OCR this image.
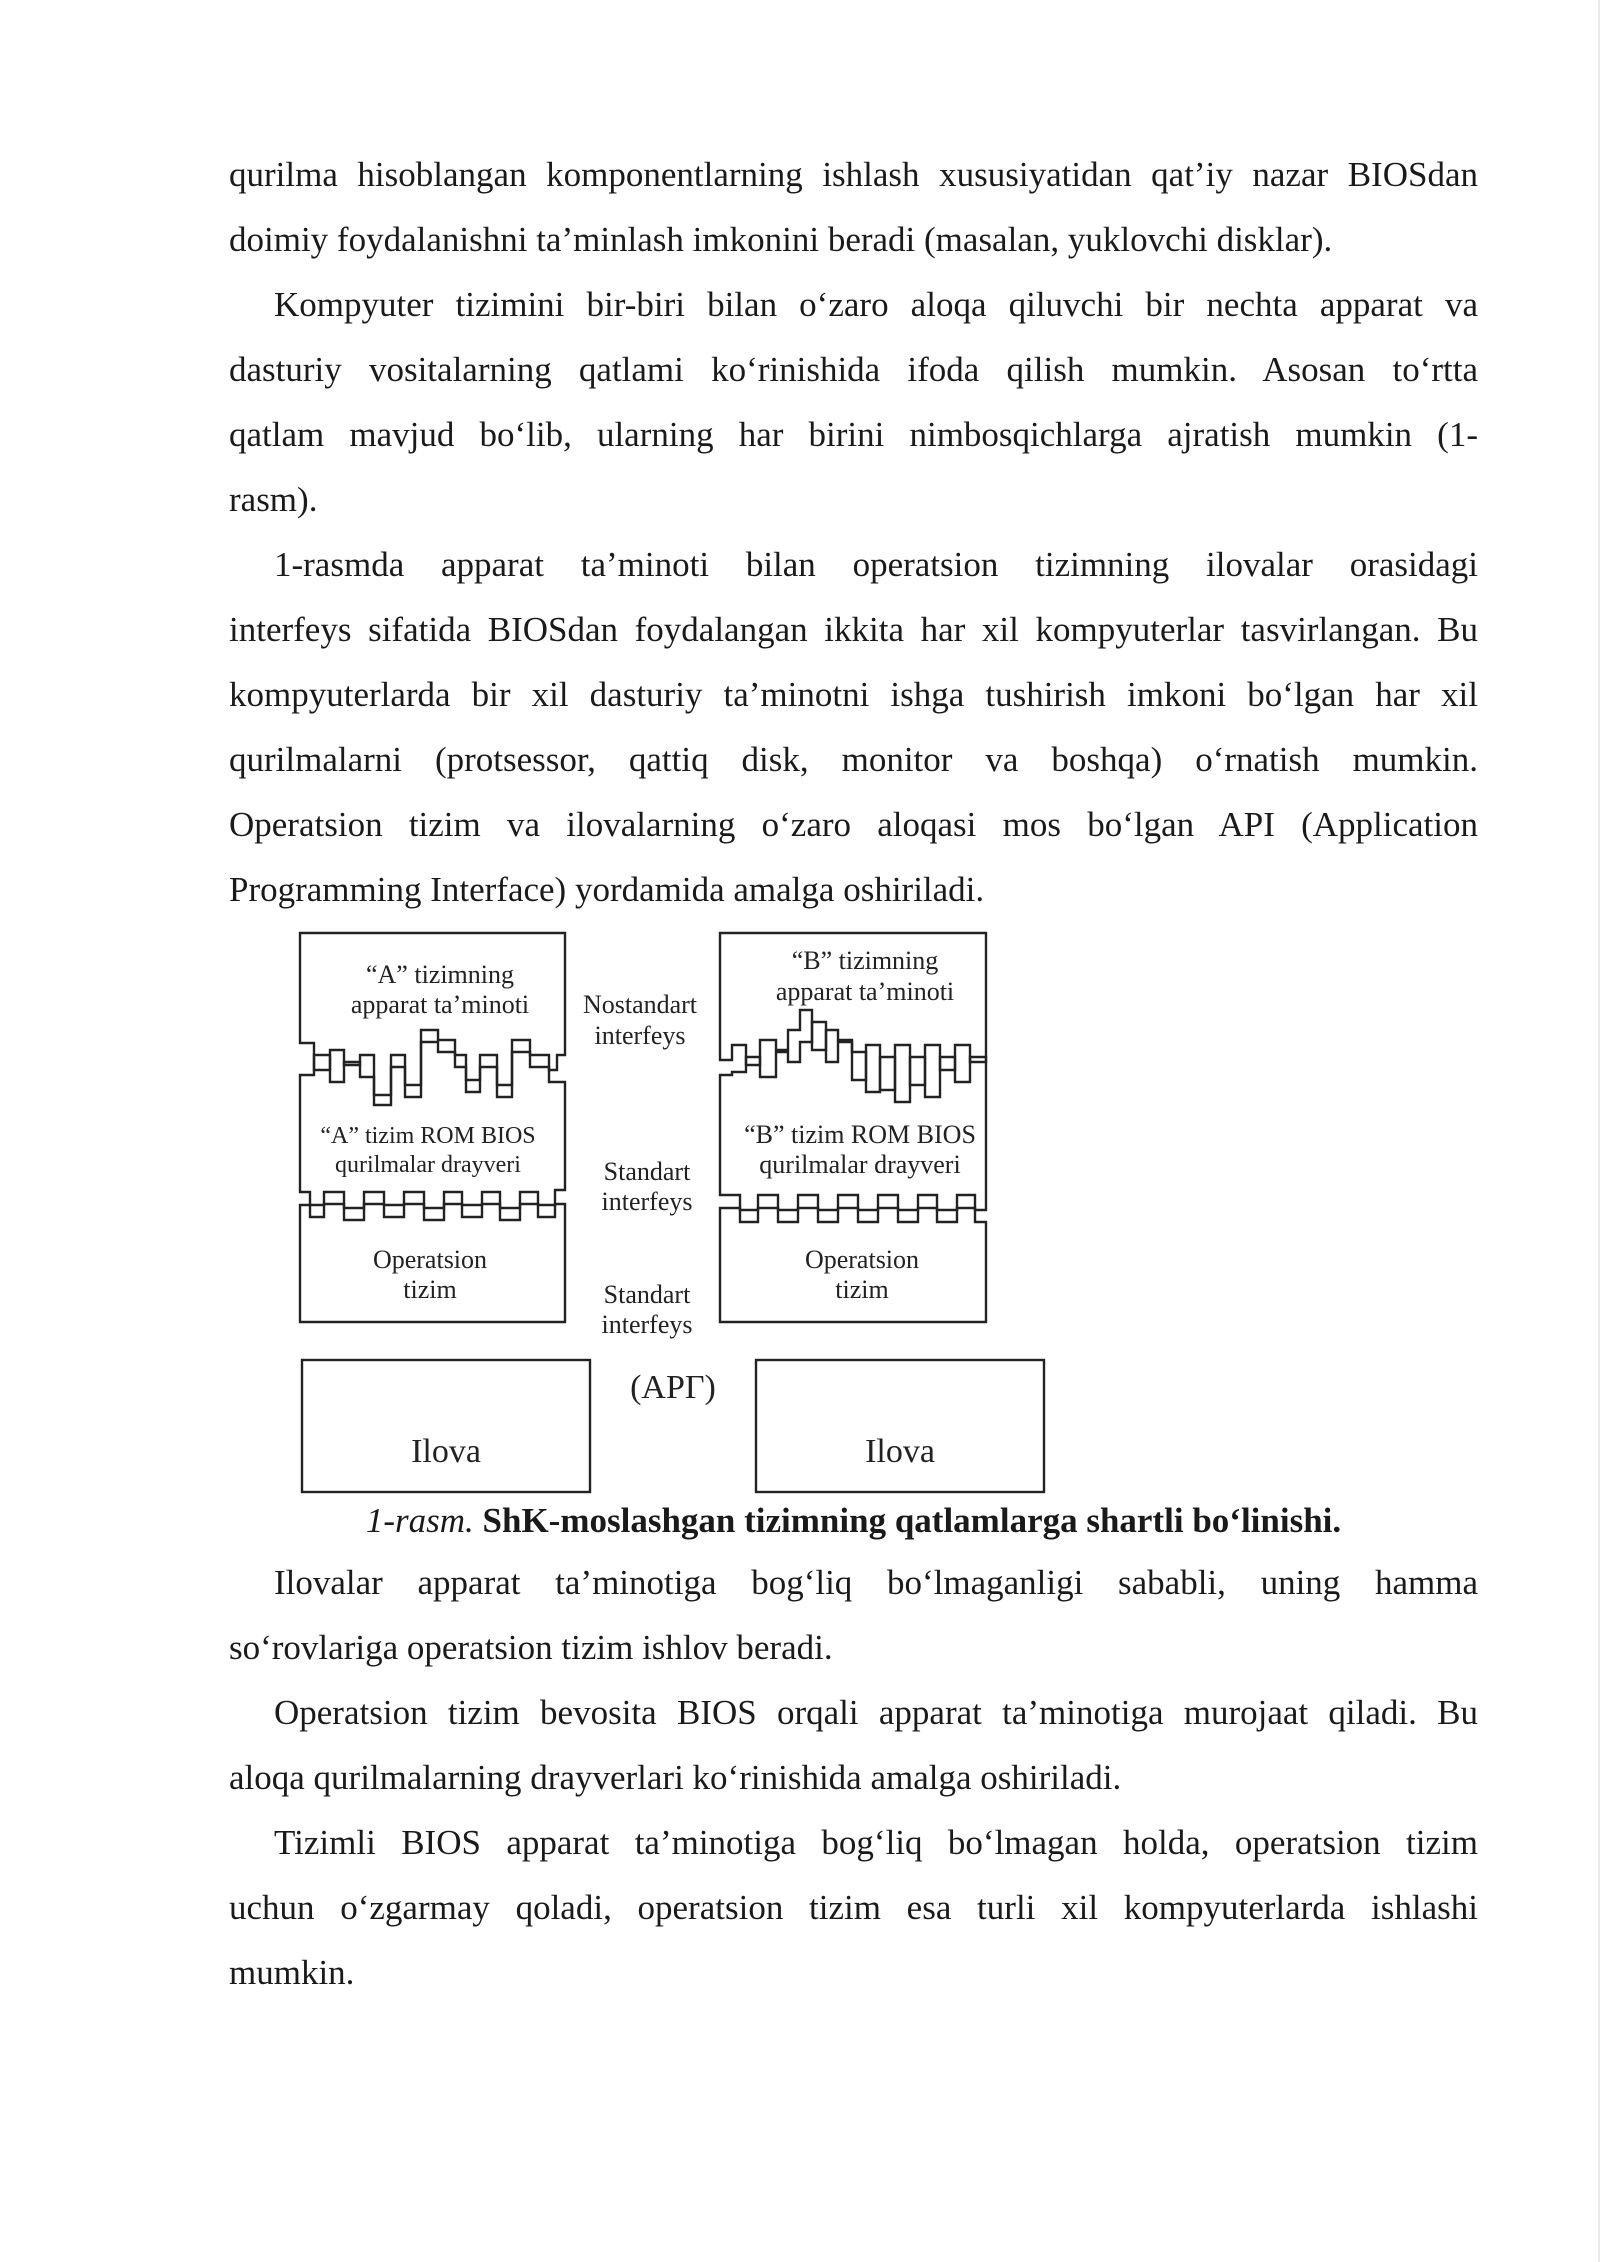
qurilma hisoblangan komponentlarning ishlash xususiyatidan qat’iy nazar BIOSdan

doimiy foydalanishni ta’minlash imkonini beradi (masalan, yuklovchi disklar).

Kompyuter tizimini bir-biri bilan o‘zaro aloqa qiluvchi bir nechta apparat va

dasturiy vositalarning qatlami ko‘rinishida ifoda qilish mumkin. Asosan to‘rtta

qatlam mavjud bo‘lib, ularning har birini nimbosqichlarga ajratish mumkin (1-

rasm).

1-rasmda apparat ta’minoti bilan operatsion tizimning ilovalar orasidagi

interfeys sifatida BIOSdan foydalangan ikkita har xil kompyuterlar tasvirlangan. Bu

kompyuterlarda bir xil dasturiy ta’minotni ishga tushirish imkoni bo‘lgan har xil

qurilmalarni (protsessor, qattiq disk, monitor va boshqa) o‘rnatish mumkin.

Operatsion tizim va ilovalarning o‘zaro aloqasi mos bo‘lgan API (Application

Programming Interface) yordamida amalga oshiriladi.

“A” tizimning
apparat ta’minoti
“A” tizim ROM BIOS
qurilmalar drayveri
Operatsion
tizim
Ilova
Nostandart
interfeys
Standart
interfeys
Standart
interfeys
(APГ)
“B” tizimning
apparat ta’minoti
“B” tizim ROM BIOS
qurilmalar drayveri
Operatsion
tizim
Ilova

1-rasm. ShK-moslashgan tizimning qatlamlarga shartli bo‘linishi.

Ilovalar apparat ta’minotiga bog‘liq bo‘lmaganligi sababli, uning hamma

so‘rovlariga operatsion tizim ishlov beradi.

Operatsion tizim bevosita BIOS orqali apparat ta’minotiga murojaat qiladi. Bu

aloqa qurilmalarning drayverlari ko‘rinishida amalga oshiriladi.

Tizimli BIOS apparat ta’minotiga bog‘liq bo‘lmagan holda, operatsion tizim

uchun o‘zgarmay qoladi, operatsion tizim esa turli xil kompyuterlarda ishlashi

mumkin.
